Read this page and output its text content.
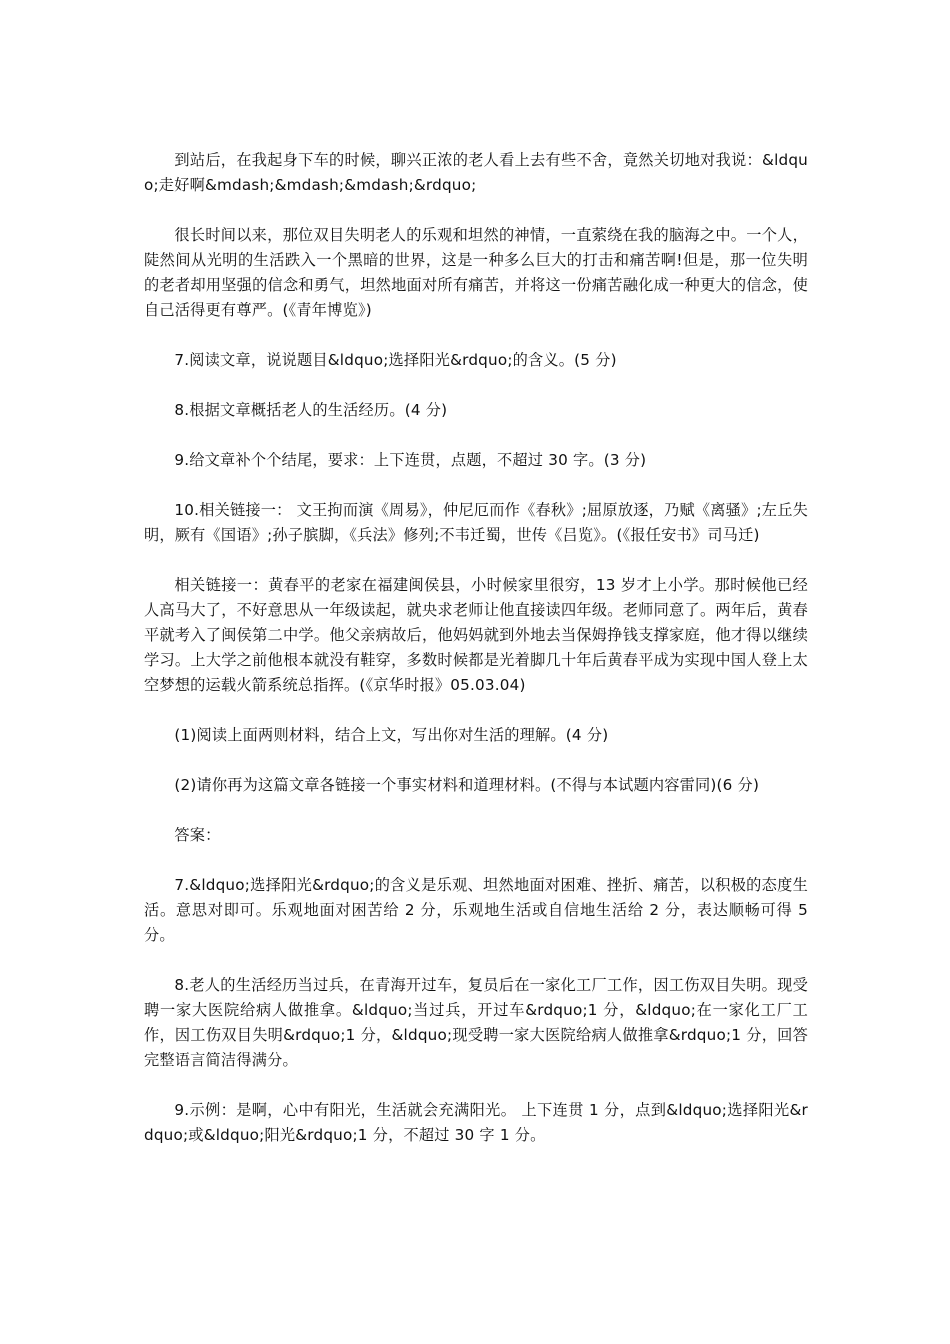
到站后，在我起身下车的时候，聊兴正浓的老人看上去有些不舍，竟然关切地对我说：&ldquo;走好啊&mdash;&mdash;&mdash;&rdquo;

很长时间以来，那位双目失明老人的乐观和坦然的神情，一直萦绕在我的脑海之中。一个人，陡然间从光明的生活跌入一个黑暗的世界，这是一种多么巨大的打击和痛苦啊!但是，那一位失明的老者却用坚强的信念和勇气，坦然地面对所有痛苦，并将这一份痛苦融化成一种更大的信念，使自己活得更有尊严。(《青年博览》)

7.阅读文章，说说题目&ldquo;选择阳光&rdquo;的含义。(5 分)

8.根据文章概括老人的生活经历。(4 分)

9.给文章补个个结尾，要求：上下连贯，点题，不超过 30 字。(3 分)

10.相关链接一： 文王拘而演《周易》，仲尼厄而作《春秋》;屈原放逐，乃赋《离骚》;左丘失明，厥有《国语》;孙子膑脚，《兵法》修列;不韦迁蜀，世传《吕览》。(《报任安书》司马迁)

相关链接一：黄春平的老家在福建闽侯县，小时候家里很穷，13 岁才上小学。那时候他已经人高马大了，不好意思从一年级读起，就央求老师让他直接读四年级。老师同意了。两年后，黄春平就考入了闽侯第二中学。他父亲病故后，他妈妈就到外地去当保姆挣钱支撑家庭，他才得以继续学习。上大学之前他根本就没有鞋穿，多数时候都是光着脚几十年后黄春平成为实现中国人登上太空梦想的运载火箭系统总指挥。(《京华时报》05.03.04)

(1)阅读上面两则材料，结合上文，写出你对生活的理解。(4 分)

(2)请你再为这篇文章各链接一个事实材料和道理材料。(不得与本试题内容雷同)(6 分)

答案：

7.&ldquo;选择阳光&rdquo;的含义是乐观、坦然地面对困难、挫折、痛苦，以积极的态度生活。意思对即可。乐观地面对困苦给 2 分，乐观地生活或自信地生活给 2 分，表达顺畅可得 5 分。

8.老人的生活经历当过兵，在青海开过车，复员后在一家化工厂工作，因工伤双目失明。现受聘一家大医院给病人做推拿。&ldquo;当过兵，开过车&rdquo;1 分，&ldquo;在一家化工厂工作，因工伤双目失明&rdquo;1 分，&ldquo;现受聘一家大医院给病人做推拿&rdquo;1 分，回答完整语言简洁得满分。

9.示例：是啊，心中有阳光，生活就会充满阳光。 上下连贯 1 分，点到&ldquo;选择阳光&rdquo;或&ldquo;阳光&rdquo;1 分，不超过 30 字 1 分。
